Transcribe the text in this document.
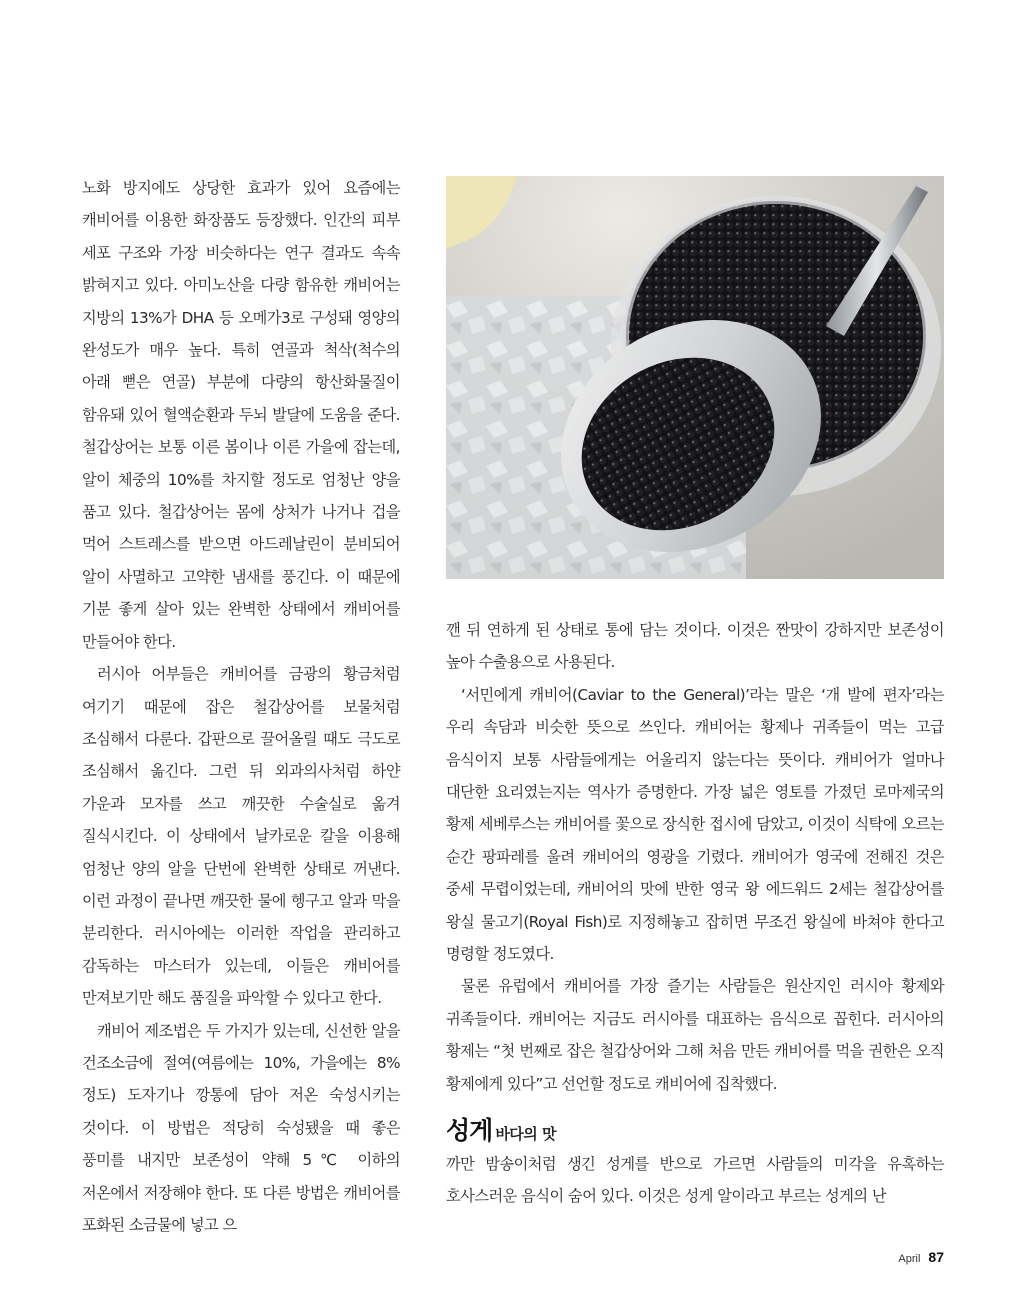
노화 방지에도 상당한 효과가 있어 요즘에는 캐비어를 이용한 화장품도 등장했다. 인간의 피부 세포 구조와 가장 비슷하다는 연구 결과도 속속 밝혀지고 있다. 아미노산을 다량 함유한 캐비어는 지방의 13%가 DHA 등 오메가3로 구성돼 영양의 완성도가 매우 높다. 특히 연골과 척삭(척수의 아래 뻗은 연골) 부분에 다량의 항산화물질이 함유돼 있어 혈액순환과 두뇌 발달에 도움을 준다. 철갑상어는 보통 이른 봄이나 이른 가을에 잡는데, 알이 체중의 10%를 차지할 정도로 엄청난 양을 품고 있다. 철갑상어는 몸에 상처가 나거나 겁을 먹어 스트레스를 받으면 아드레날린이 분비되어 알이 사멸하고 고약한 냄새를 풍긴다. 이 때문에 기분 좋게 살아 있는 완벽한 상태에서 캐비어를 만들어야 한다.

러시아 어부들은 캐비어를 금광의 황금처럼 여기기 때문에 잡은 철갑상어를 보물처럼 조심해서 다룬다. 갑판으로 끌어올릴 때도 극도로 조심해서 옮긴다. 그런 뒤 외과의사처럼 하얀 가운과 모자를 쓰고 깨끗한 수술실로 옮겨 질식시킨다. 이 상태에서 날카로운 칼을 이용해 엄청난 양의 알을 단번에 완벽한 상태로 꺼낸다. 이런 과정이 끝나면 깨끗한 물에 헹구고 알과 막을 분리한다. 러시아에는 이러한 작업을 관리하고 감독하는 마스터가 있는데, 이들은 캐비어를 만져보기만 해도 품질을 파악할 수 있다고 한다.

캐비어 제조법은 두 가지가 있는데, 신선한 알을 건조소금에 절여(여름에는 10%, 가을에는 8% 정도) 도자기나 깡통에 담아 저온 숙성시키는 것이다. 이 방법은 적당히 숙성됐을 때 좋은 풍미를 내지만 보존성이 약해 5℃ 이하의 저온에서 저장해야 한다. 또 다른 방법은 캐비어를 포화된 소금물에 넣고 으

깬 뒤 연하게 된 상태로 통에 담는 것이다. 이것은 짠맛이 강하지만 보존성이 높아 수출용으로 사용된다.

‘서민에게 캐비어(Caviar to the General)’라는 말은 ‘개 발에 편자’라는 우리 속담과 비슷한 뜻으로 쓰인다. 캐비어는 황제나 귀족들이 먹는 고급 음식이지 보통 사람들에게는 어울리지 않는다는 뜻이다. 캐비어가 얼마나 대단한 요리였는지는 역사가 증명한다. 가장 넓은 영토를 가졌던 로마제국의 황제 세베루스는 캐비어를 꽃으로 장식한 접시에 담았고, 이것이 식탁에 오르는 순간 팡파레를 울려 캐비어의 영광을 기렸다. 캐비어가 영국에 전해진 것은 중세 무렵이었는데, 캐비어의 맛에 반한 영국 왕 에드워드 2세는 철갑상어를 왕실 물고기(Royal Fish)로 지정해놓고 잡히면 무조건 왕실에 바쳐야 한다고 명령할 정도였다.

물론 유럽에서 캐비어를 가장 즐기는 사람들은 원산지인 러시아 황제와 귀족들이다. 캐비어는 지금도 러시아를 대표하는 음식으로 꼽힌다. 러시아의 황제는 “첫 번째로 잡은 철갑상어와 그해 처음 만든 캐비어를 먹을 권한은 오직 황제에게 있다”고 선언할 정도로 캐비어에 집착했다.

성게 바다의 맛

까만 밤송이처럼 생긴 성게를 반으로 가르면 사람들의 미각을 유혹하는 호사스러운 음식이 숨어 있다. 이것은 성게 알이라고 부르는 성게의 난

April 87
